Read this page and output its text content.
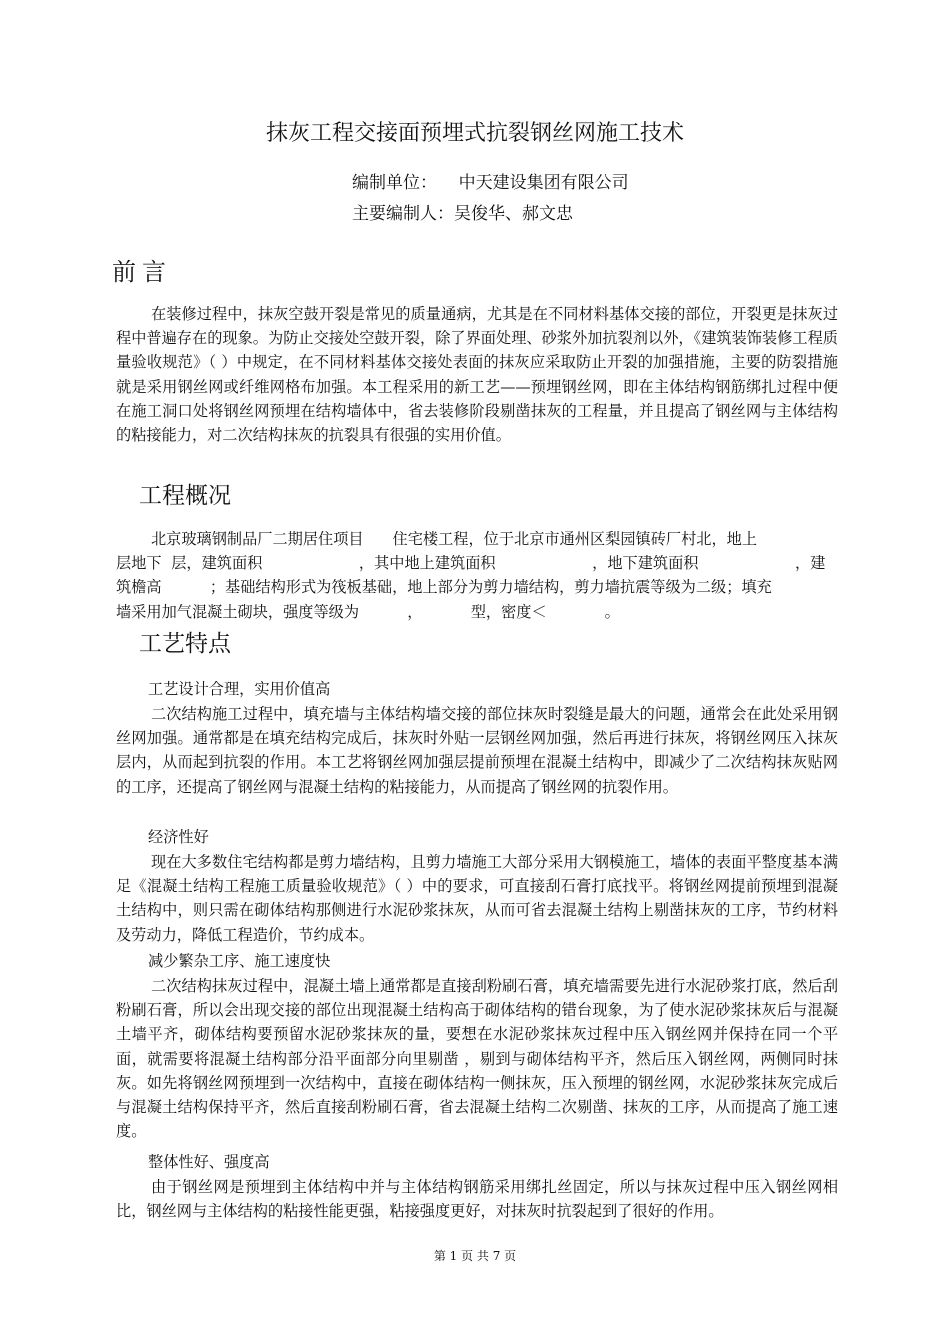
抹灰工程交接面预埋式抗裂钢丝网施工技术
编制单位：    中天建设集团有限公司
主要编制人：吴俊华、郝文忠
前言

在装修过程中，抹灰空鼓开裂是常见的质量通病，尤其是在不同材料基体交接的部位，开裂更是抹灰过程中普遍存在的现象。为防止交接处空鼓开裂，除了界面处理、砂浆外加抗裂剂以外，《建筑装饰装修工程质量验收规范》（ ）中规定，在不同材料基体交接处表面的抹灰应采取防止开裂的加强措施，主要的防裂措施就是采用钢丝网或纤维网格布加强。本工程采用的新工艺——预埋钢丝网，即在主体结构钢筋绑扎过程中便在施工洞口处将钢丝网预埋在结构墙体中，省去装修阶段剔凿抹灰的工程量，并且提高了钢丝网与主体结构的粘接能力，对二次结构抹灰的抗裂具有很强的实用价值。

工程概况

北京玻璃钢制品厂二期居住项目      住宅楼工程，位于北京市通州区梨园镇砖厂村北，地上

层地下  层，建筑面积                    ，其中地上建筑面积                    ，地下建筑面积                    ，建

筑檐高          ；基础结构形式为筏板基础，地上部分为剪力墙结构，剪力墙抗震等级为二级；填充

墙采用加气混凝土砌块，强度等级为          ，          型，密度＜            。

工艺特点
工艺设计合理，实用价值高

二次结构施工过程中，填充墙与主体结构墙交接的部位抹灰时裂缝是最大的问题，通常会在此处采用钢丝网加强。通常都是在填充结构完成后，抹灰时外贴一层钢丝网加强，然后再进行抹灰，将钢丝网压入抹灰层内，从而起到抗裂的作用。本工艺将钢丝网加强层提前预埋在混凝土结构中，即减少了二次结构抹灰贴网的工序，还提高了钢丝网与混凝土结构的粘接能力，从而提高了钢丝网的抗裂作用。

经济性好

现在大多数住宅结构都是剪力墙结构，且剪力墙施工大部分采用大钢模施工，墙体的表面平整度基本满足《混凝土结构工程施工质量验收规范》（ ）中的要求，可直接刮石膏打底找平。将钢丝网提前预埋到混凝土结构中，则只需在砌体结构那侧进行水泥砂浆抹灰，从而可省去混凝土结构上剔凿抹灰的工序，节约材料及劳动力，降低工程造价，节约成本。

减少繁杂工序、施工速度快

二次结构抹灰过程中，混凝土墙上通常都是直接刮粉刷石膏，填充墙需要先进行水泥砂浆打底，然后刮粉刷石膏，所以会出现交接的部位出现混凝土结构高于砌体结构的错台现象，为了使水泥砂浆抹灰后与混凝土墙平齐，砌体结构要预留水泥砂浆抹灰的量，要想在水泥砂浆抹灰过程中压入钢丝网并保持在同一个平面，就需要将混凝土结构部分沿平面部分向里剔凿 ，剔到与砌体结构平齐，然后压入钢丝网，两侧同时抹灰。如先将钢丝网预埋到一次结构中，直接在砌体结构一侧抹灰，压入预埋的钢丝网，水泥砂浆抹灰完成后与混凝土结构保持平齐，然后直接刮粉刷石膏，省去混凝土结构二次剔凿、抹灰的工序，从而提高了施工速度。

整体性好、强度高

由于钢丝网是预埋到主体结构中并与主体结构钢筋采用绑扎丝固定，所以与抹灰过程中压入钢丝网相比，钢丝网与主体结构的粘接性能更强，粘接强度更好，对抹灰时抗裂起到了很好的作用。

第 1 页 共 7 页
